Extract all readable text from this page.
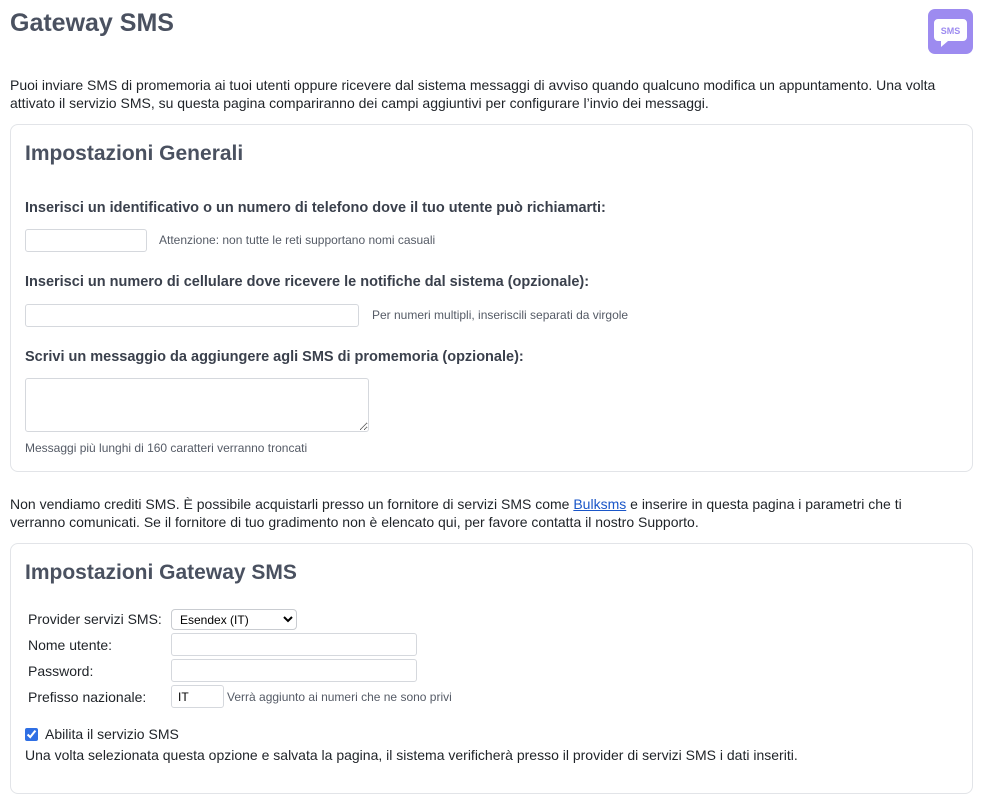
Gateway SMS	SMS

Puoi inviare SMS di promemoria ai tuoi utenti oppure ricevere dal sistema messaggi di avviso quando qualcuno modifica un appuntamento. Una volta attivato il servizio SMS, su questa pagina compariranno dei campi aggiuntivi per configurare l’invio dei messaggi.

Impostazioni Generali

Inserisci un identificativo o un numero di telefono dove il tuo utente può richiamarti:

Attenzione: non tutte le reti supportano nomi casuali

Inserisci un numero di cellulare dove ricevere le notifiche dal sistema (opzionale):

Per numeri multipli, inseriscili separati da virgole

Scrivi un messaggio da aggiungere agli SMS di promemoria (opzionale):

Messaggi più lunghi di 160 caratteri verranno troncati

Non vendiamo crediti SMS. È possibile acquistarli presso un fornitore di servizi SMS come Bulksms e inserire in questa pagina i parametri che ti verranno comunicati. Se il fornitore di tuo gradimento non è elencato qui, per favore contatta il nostro Supporto.

Impostazioni Gateway SMS

Provider servizi SMS:

Esendex (IT)

Nome utente:

Password:

Prefisso nazionale:

IT	Verrà aggiunto ai numeri che ne sono privi

Abilita il servizio SMS

Una volta selezionata questa opzione e salvata la pagina, il sistema verificherà presso il provider di servizi SMS i dati inseriti.
